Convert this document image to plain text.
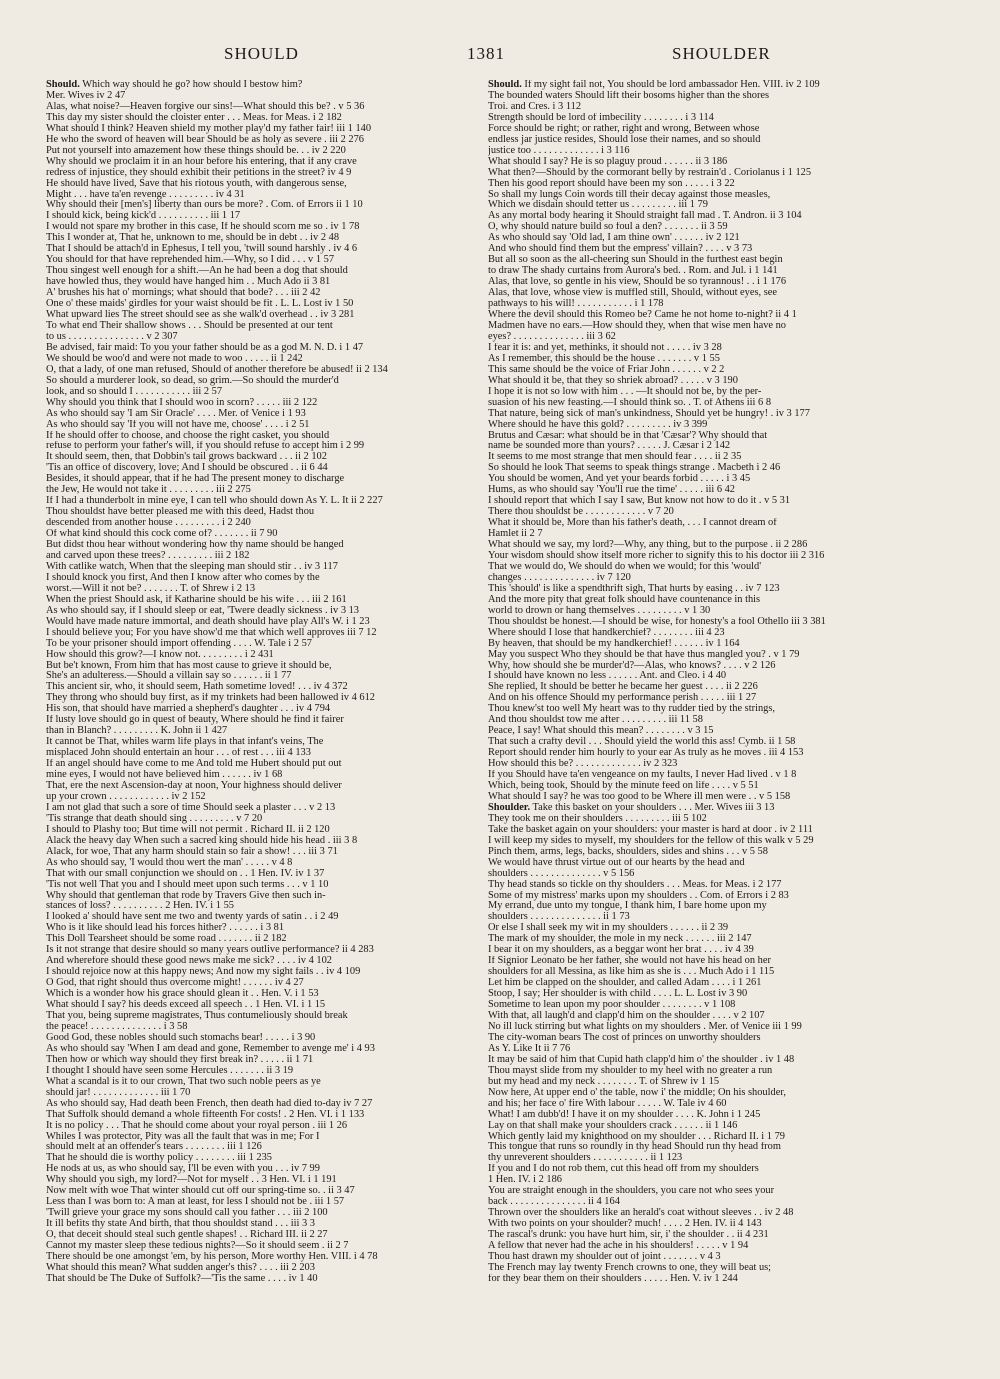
SHOULD	1381	SHOULDER
Should. Which way should he go? how should I bestow him?
Mer. Wives iv 2 47
Alas, what noise?—Heaven forgive our sins!—What should this be? . v 5 36
This day my sister should the cloister enter . . . Meas. for Meas. i 2 182
What should I think? Heaven shield my mother play'd my father fair! iii 1 140
He who the sword of heaven will bear Should be as holy as severe . iii 2 276
Put not yourself into amazement how these things should be. . . iv 2 220
Why should we proclaim it in an hour before his entering, that if any crave
redress of injustice, they should exhibit their petitions in the street? iv 4 9
He should have lived, Save that his riotous youth, with dangerous sense,
Might . . . have ta'en revenge . . . . . . . . . iv 4 31
Why should their [men's] liberty than ours be more? . Com. of Errors ii 1 10
I should kick, being kick'd . . . . . . . . . . iii 1 17
I would not spare my brother in this case, If he should scorn me so . iv 1 78
This I wonder at, That he, unknown to me, should be in debt . . iv 2 48
That I should be attach'd in Ephesus, I tell you, 'twill sound harshly . iv 4 6
You should for that have reprehended him.—Why, so I did . . . v 1 57
Thou singest well enough for a shift.—An he had been a dog that should
have howled thus, they would have hanged him . . Much Ado ii 3 81
A' brushes his hat o' mornings; what should that bode? . . . iii 2 42
One o' these maids' girdles for your waist should be fit . L. L. Lost iv 1 50
What upward lies The street should see as she walk'd overhead . . iv 3 281
To what end Their shallow shows . . . Should be presented at our tent
to us . . . . . . . . . . . . . . . v 2 307
Be advised, fair maid: To you your father should be as a god M. N. D. i 1 47
We should be woo'd and were not made to woo . . . . . ii 1 242
O, that a lady, of one man refused, Should of another therefore be abused! ii 2 134
So should a murderer look, so dead, so grim.—So should the murder'd
look, and so should I . . . . . . . . . . . iii 2 57
Why should you think that I should woo in scorn? . . . . . iii 2 122
As who should say 'I am Sir Oracle' . . . . Mer. of Venice i 1 93
As who should say 'If you will not have me, choose' . . . . i 2 51
If he should offer to choose, and choose the right casket, you should
refuse to perform your father's will, if you should refuse to accept him i 2 99
It should seem, then, that Dobbin's tail grows backward . . . ii 2 102
'Tis an office of discovery, love; And I should be obscured . . ii 6 44
Besides, it should appear, that if he had The present money to discharge
the Jew, He would not take it . . . . . . . . . iii 2 275
If I had a thunderbolt in mine eye, I can tell who should down As Y. L. It ii 2 227
Thou shouldst have better pleased me with this deed, Hadst thou
descended from another house . . . . . . . . . i 2 240
Of what kind should this cock come of? . . . . . . . ii 7 90
But didst thou hear without wondering how thy name should be hanged
and carved upon these trees? . . . . . . . . . iii 2 182
With catlike watch, When that the sleeping man should stir . . iv 3 117
I should knock you first, And then I know after who comes by the
worst.—Will it not be? . . . . . . . T. of Shrew i 2 13
When the priest Should ask, if Katharine should be his wife . . . iii 2 161
As who should say, if I should sleep or eat, 'Twere deadly sickness . iv 3 13
Would have made nature immortal, and death should have play All's W. i 1 23
I should believe you; For you have show'd me that which well approves iii 7 12
To be your prisoner should import offending . . . . W. Tale i 2 57
How should this grow?—I know not. . . . . . . . . i 2 431
But be't known, From him that has most cause to grieve it should be,
She's an adulteress.—Should a villain say so . . . . . . ii 1 77
This ancient sir, who, it should seem, Hath sometime loved! . . . iv 4 372
They throng who should buy first, as if my trinkets had been hallowed iv 4 612
His son, that should have married a shepherd's daughter . . . iv 4 794
If lusty love should go in quest of beauty, Where should he find it fairer
than in Blanch? . . . . . . . . . K. John ii 1 427
It cannot be That, whiles warm life plays in that infant's veins, The
misplaced John should entertain an hour . . . of rest . . . iii 4 133
If an angel should have come to me And told me Hubert should put out
mine eyes, I would not have believed him . . . . . . iv 1 68
That, ere the next Ascension-day at noon, Your highness should deliver
up your crown . . . . . . . . . . . . iv 2 152
I am not glad that such a sore of time Should seek a plaster . . . v 2 13
'Tis strange that death should sing . . . . . . . . . v 7 20
I should to Plashy too; But time will not permit . Richard II. ii 2 120
Alack the heavy day When such a sacred king should hide his head . iii 3 8
Alack, for woe, That any harm should stain so fair a show! . . . iii 3 71
As who should say, 'I would thou wert the man' . . . . . v 4 8
That with our small conjunction we should on . . 1 Hen. IV. iv 1 37
'Tis not well That you and I should meet upon such terms . . . v 1 10
Why should that gentleman that rode by Travers Give then such in-
stances of loss? . . . . . . . . . . 2 Hen. IV. i 1 55
I looked a' should have sent me two and twenty yards of satin . . i 2 49
Who is it like should lead his forces hither? . . . . . . i 3 81
This Doll Tearsheet should be some road . . . . . . . ii 2 182
Is it not strange that desire should so many years outlive performance? ii 4 283
And wherefore should these good news make me sick? . . . . iv 4 102
I should rejoice now at this happy news; And now my sight fails . . iv 4 109
O God, that right should thus overcome might! . . . . . . iv 4 27
Which is a wonder how his grace should glean it . . Hen. V. i 1 53
What should I say? his deeds exceed all speech . . 1 Hen. VI. i 1 15
That you, being supreme magistrates, Thus contumeliously should break
the peace! . . . . . . . . . . . . . . i 3 58
Good God, these nobles should such stomachs bear! . . . . . i 3 90
As who should say 'When I am dead and gone, Remember to avenge me' i 4 93
Then how or which way should they first break in? . . . . . ii 1 71
I thought I should have seen some Hercules . . . . . . . ii 3 19
What a scandal is it to our crown, That two such noble peers as ye
should jar! . . . . . . . . . . . . . iii 1 70
As who should say, Had death been French, then death had died to-day iv 7 27
That Suffolk should demand a whole fifteenth For costs! . 2 Hen. VI. i 1 133
It is no policy . . . That he should come about your royal person . iii 1 26
Whiles I was protector, Pity was all the fault that was in me; For I
should melt at an offender's tears . . . . . . . . iii 1 126
That he should die is worthy policy . . . . . . . . iii 1 235
He nods at us, as who should say, I'll be even with you . . . iv 7 99
Why should you sigh, my lord?—Not for myself . . 3 Hen. VI. i 1 191
Now melt with woe That winter should cut off our spring-time so. . ii 3 47
Less than I was born to: A man at least, for less I should not be . iii 1 57
'Twill grieve your grace my sons should call you father . . . iii 2 100
It ill befits thy state And birth, that thou shouldst stand . . . iii 3 3
O, that deceit should steal such gentle shapes! . . Richard III. ii 2 27
Cannot my master sleep these tedious nights?—So it should seem . ii 2 7
There should be one amongst 'em, by his person, More worthy Hen. VIII. i 4 78
What should this mean? What sudden anger's this? . . . . iii 2 203
That should be The Duke of Suffolk?—'Tis the same . . . . iv 1 40
Should. If my sight fail not, You should be lord ambassador Hen. VIII. iv 2 109
The bounded waters Should lift their bosoms higher than the shores
Troi. and Cres. i 3 112
Strength should be lord of imbecility . . . . . . . . i 3 114
Force should be right; or rather, right and wrong, Between whose
endless jar justice resides, Should lose their names, and so should
justice too . . . . . . . . . . . . . i 3 116
What should I say? He is so plaguy proud . . . . . . ii 3 186
What then?—Should by the cormorant belly by restrain'd . Coriolanus i 1 125
Then his good report should have been my son . . . . . i 3 22
So shall my lungs Coin words till their decay against those measles,
Which we disdain should tetter us . . . . . . . . . iii 1 79
As any mortal body hearing it Should straight fall mad . T. Andron. ii 3 104
O, why should nature build so foul a den? . . . . . . . ii 3 59
As who should say 'Old lad, I am thine own' . . . . . . iv 2 121
And who should find them but the empress' villain? . . . . v 3 73
But all so soon as the all-cheering sun Should in the furthest east begin
to draw The shady curtains from Aurora's bed. . Rom. and Jul. i 1 141
Alas, that love, so gentle in his view, Should be so tyrannous! . . i 1 176
Alas, that love, whose view is muffled still, Should, without eyes, see
pathways to his will! . . . . . . . . . . . i 1 178
Where the devil should this Romeo be? Came he not home to-night? ii 4 1
Madmen have no ears.—How should they, when that wise men have no
eyes? . . . . . . . . . . . . . . iii 3 62
I fear it is: and yet, methinks, it should not . . . . . iv 3 28
As I remember, this should be the house . . . . . . . v 1 55
This same should be the voice of Friar John . . . . . . v 2 2
What should it be, that they so shriek abroad? . . . . . v 3 190
I hope it is not so low with him . . . —It should not be, by the per-
suasion of his new feasting.—I should think so. . T. of Athens iii 6 8
That nature, being sick of man's unkindness, Should yet be hungry! . iv 3 177
Where should he have this gold? . . . . . . . . . iv 3 399
Brutus and Cæsar: what should be in that 'Cæsar'? Why should that
name be sounded more than yours? . . . . . J. Cæsar i 2 142
It seems to me most strange that men should fear . . . . ii 2 35
So should he look That seems to speak things strange . Macbeth i 2 46
You should be women, And yet your beards forbid . . . . . i 3 45
Hums, as who should say 'You'll rue the time' . . . . . iii 6 42
I should report that which I say I saw, But know not how to do it . v 5 31
There thou shouldst be . . . . . . . . . . . . v 7 20
What it should be, More than his father's death, . . . I cannot dream of
Hamlet ii 2 7
What should we say, my lord?—Why, any thing, but to the purpose . ii 2 286
Your wisdom should show itself more richer to signify this to his doctor iii 2 316
That we would do, We should do when we would; for this 'would'
changes . . . . . . . . . . . . . . iv 7 120
This 'should' is like a spendthrift sigh, That hurts by easing . . iv 7 123
And the more pity that great folk should have countenance in this
world to drown or hang themselves . . . . . . . . . v 1 30
Thou shouldst be honest.—I should be wise, for honesty's a fool Othello iii 3 381
Where should I lose that handkerchief? . . . . . . . . iii 4 23
By heaven, that should be my handkerchief! . . . . . . iv 1 164
May you suspect Who they should be that have thus mangled you? . v 1 79
Why, how should she be murder'd?—Alas, who knows? . . . . v 2 126
I should have known no less . . . . . . Ant. and Cleo. i 4 40
She replied, It should be better he became her guest . . . . ii 2 226
And on his offence Should my performance perish . . . . . iii 1 27
Thou knew'st too well My heart was to thy rudder tied by the strings,
And thou shouldst tow me after . . . . . . . . . iii 11 58
Peace, I say! What should this mean? . . . . . . . . v 3 15
That such a crafty devil . . . Should yield the world this ass! Cymb. ii 1 58
Report should render him hourly to your ear As truly as he moves . iii 4 153
How should this be? . . . . . . . . . . . . . iv 2 323
If you Should have ta'en vengeance on my faults, I never Had lived . v 1 8
Which, being took, Should by the minute feed on life . . . . v 5 51
What should I say? he was too good to be Where ill men were . . v 5 158
Shoulder. Take this basket on your shoulders . . . Mer. Wives iii 3 13
They took me on their shoulders . . . . . . . . . iii 5 102
Take the basket again on your shoulders: your master is hard at door . iv 2 111
I will keep my sides to myself, my shoulders for the fellow of this walk v 5 29
Pinch them, arms, legs, backs, shoulders, sides and shins . . . v 5 58
We would have thrust virtue out of our hearts by the head and
shoulders . . . . . . . . . . . . . . v 5 156
Thy head stands so tickle on thy shoulders . . . Meas. for Meas. i 2 177
Some of my mistress' marks upon my shoulders . . Com. of Errors i 2 83
My errand, due unto my tongue, I thank him, I bare home upon my
shoulders . . . . . . . . . . . . . . ii 1 73
Or else I shall seek my wit in my shoulders . . . . . . ii 2 39
The mark of my shoulder, the mole in my neck . . . . . . iii 2 147
I bear it on my shoulders, as a beggar wont her brat . . . . iv 4 39
If Signior Leonato be her father, she would not have his head on her
shoulders for all Messina, as like him as she is . . . Much Ado i 1 115
Let him be clapped on the shoulder, and called Adam . . . . i 1 261
Stoop, I say; Her shoulder is with child . . . . L. L. Lost iv 3 90
Sometime to lean upon my poor shoulder . . . . . . . . v 1 108
With that, all laugh'd and clapp'd him on the shoulder . . . . v 2 107
No ill luck stirring but what lights on my shoulders . Mer. of Venice iii 1 99
The city-woman bears The cost of princes on unworthy shoulders
As Y. Like It ii 7 76
It may be said of him that Cupid hath clapp'd him o' the shoulder . iv 1 48
Thou mayst slide from my shoulder to my heel with no greater a run
but my head and my neck . . . . . . . . T. of Shrew iv 1 15
Now here, At upper end o' the table, now i' the middle; On his shoulder,
and his; her face o' fire With labour . . . . . W. Tale iv 4 60
What! I am dubb'd! I have it on my shoulder . . . . K. John i 1 245
Lay on that shall make your shoulders crack . . . . . . ii 1 146
Which gently laid my knighthood on my shoulder . . . Richard II. i 1 79
This tongue that runs so roundly in thy head Should run thy head from
thy unreverent shoulders . . . . . . . . . . . ii 1 123
If you and I do not rob them, cut this head off from my shoulders
1 Hen. IV. i 2 186
You are straight enough in the shoulders, you care not who sees your
back . . . . . . . . . . . . . . . ii 4 164
Thrown over the shoulders like an herald's coat without sleeves . . iv 2 48
With two points on your shoulder? much! . . . . 2 Hen. IV. ii 4 143
The rascal's drunk: you have hurt him, sir, i' the shoulder . . ii 4 231
A fellow that never had the ache in his shoulders! . . . . . v 1 94
Thou hast drawn my shoulder out of joint . . . . . . . v 4 3
The French may lay twenty French crowns to one, they will beat us;
for they bear them on their shoulders . . . . . Hen. V. iv 1 244
